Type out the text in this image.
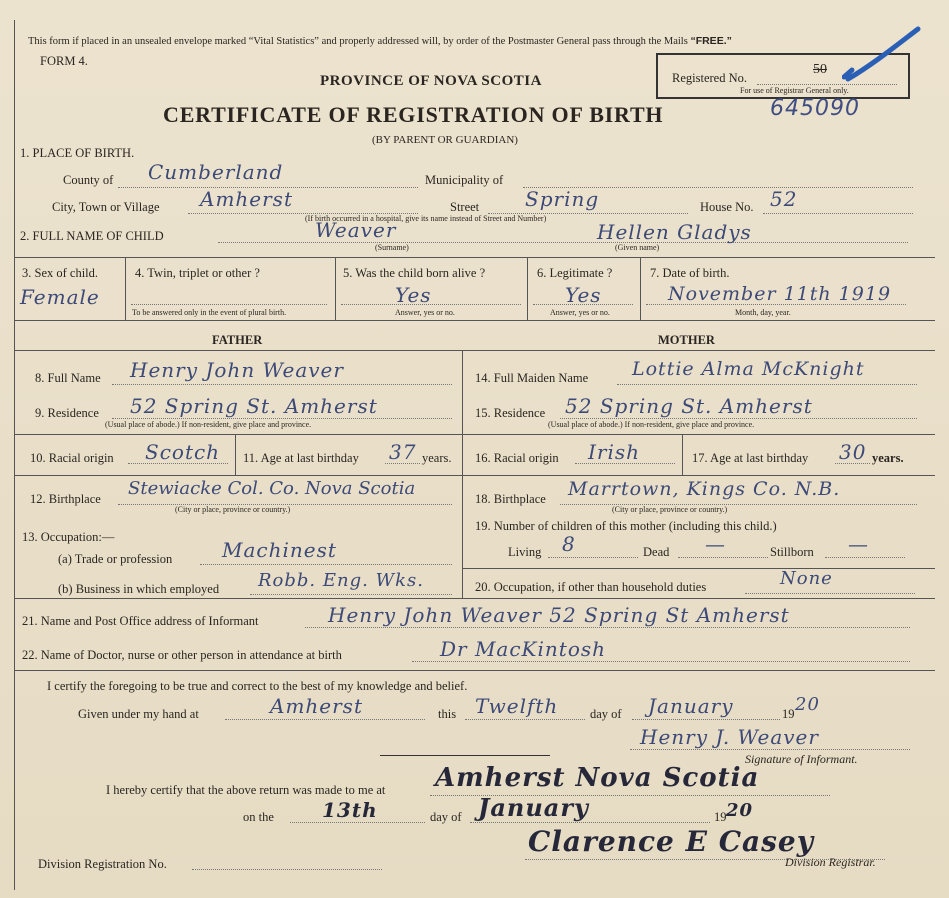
This form if placed in an unsealed envelope marked “Vital Statistics” and properly addressed will, by order of the Postmaster General pass through the Mails “FREE.”
FORM 4.
PROVINCE OF NOVA SCOTIA	Registered No.
50
For use of Registrar General only.
CERTIFICATE OF REGISTRATION OF BIRTH	645090
(BY PARENT OR GUARDIAN)
1. PLACE OF BIRTH.
County of Cumberland	Municipality of
City, Town or Village Amherst	Street Spring	House No. 52
(If birth occurred in a hospital, give its name instead of Street and Number)
2. FULL NAME OF CHILD	Weaver	Hellen Gladys
(Surname)	(Given name)
3. Sex of child.
Female
4. Twin, triplet or other ?
To be answered only in the event of plural birth.
5. Was the child born alive ?
Yes
Answer, yes or no.
6. Legitimate ?
Yes
Answer, yes or no.
7. Date of birth.
November 11th 1919
Month, day, year.
FATHER	MOTHER
8. Full Name Henry John Weaver
9. Residence 52 Spring St. Amherst
(Usual place of abode.) If non-resident, give place and province.
10. Racial origin Scotch 11. Age at last birthday 37 years.
12. Birthplace Stewiacke Col. Co. Nova Scotia
(City or place, province or country.)
13. Occupation:—
(a) Trade or profession Machinest
(b) Business in which employed Robb. Eng. Wks.
14. Full Maiden Name Lottie Alma McKnight
15. Residence 52 Spring St. Amherst
(Usual place of abode.) If non-resident, give place and province.
16. Racial origin Irish	17. Age at last birthday 30 years.
18. Birthplace Marrtown, Kings Co. N.B.
(City or place, province or country.)
19. Number of children of this mother (including this child.)
Living 8	Dead —	Stillborn —
20. Occupation, if other than household duties	None
21. Name and Post Office address of Informant	Henry John Weaver 52 Spring St Amherst
22. Name of Doctor, nurse or other person in attendance at birth	Dr MacKintosh
I certify the foregoing to be true and correct to the best of my knowledge and belief.
Given under my hand at	Amherst	this Twelfth	day of January	19 20
Henry J. Weaver
Signature of Informant.
I hereby certify that the above return was made to me at Amherst Nova Scotia
on the 13th	day of January	19 20
Division Registration No.
Clarence E Casey
Division Registrar.
